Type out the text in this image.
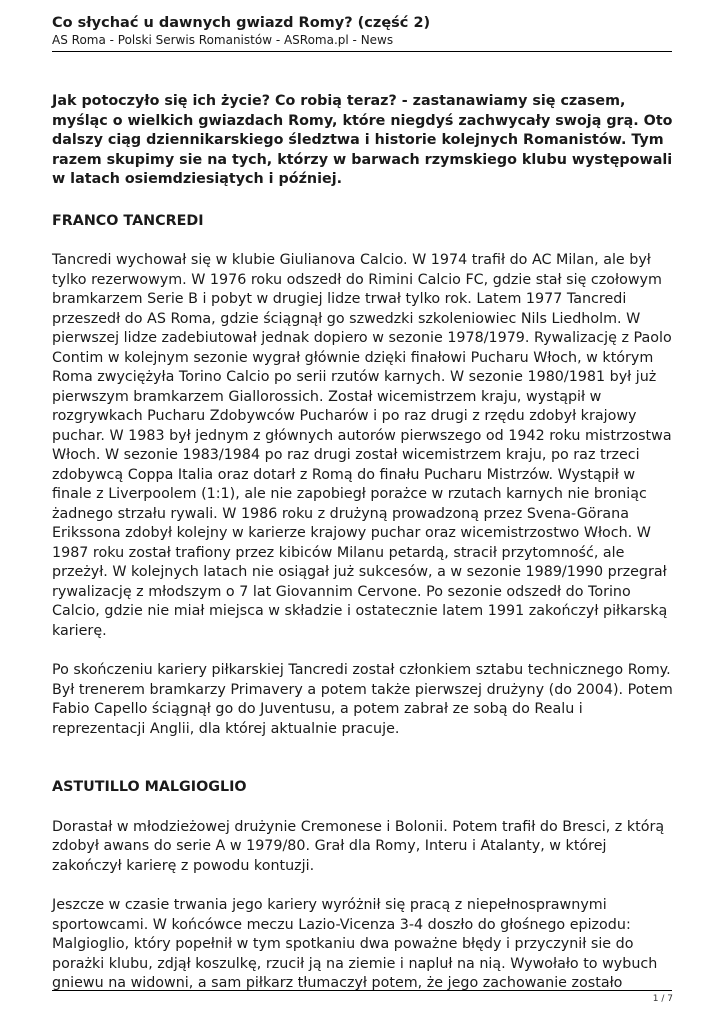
Co słychać u dawnych gwiazd Romy? (część 2)
AS Roma - Polski Serwis Romanistów - ASRoma.pl - News

Jak potoczyło się ich życie? Co robią teraz? - zastanawiamy się czasem, myśląc o wielkich gwiazdach Romy, które niegdyś zachwycały swoją grą. Oto dalszy ciąg dziennikarskiego śledztwa i historie kolejnych Romanistów. Tym razem skupimy sie na tych, którzy w barwach rzymskiego klubu występowali w latach osiemdziesiątych i później.

FRANCO TANCREDI

Tancredi wychował się w klubie Giulianova Calcio. W 1974 trafił do AC Milan, ale był tylko rezerwowym. W 1976 roku odszedł do Rimini Calcio FC, gdzie stał się czołowym bramkarzem Serie B i pobyt w drugiej lidze trwał tylko rok. Latem 1977 Tancredi przeszedł do AS Roma, gdzie ściągnął go szwedzki szkoleniowiec Nils Liedholm. W pierwszej lidze zadebiutował jednak dopiero w sezonie 1978/1979. Rywalizację z Paolo Contim w kolejnym sezonie wygrał głównie dzięki finałowi Pucharu Włoch, w którym Roma zwyciężyła Torino Calcio po serii rzutów karnych. W sezonie 1980/1981 był już pierwszym bramkarzem Giallorossich. Został wicemistrzem kraju, wystąpił w rozgrywkach Pucharu Zdobywców Pucharów i po raz drugi z rzędu zdobył krajowy puchar. W 1983 był jednym z głównych autorów pierwszego od 1942 roku mistrzostwa Włoch. W sezonie 1983/1984 po raz drugi został wicemistrzem kraju, po raz trzeci zdobywcą Coppa Italia oraz dotarł z Romą do finału Pucharu Mistrzów. Wystąpił w finale z Liverpoolem (1:1), ale nie zapobiegł porażce w rzutach karnych nie broniąc żadnego strzału rywali. W 1986 roku z drużyną prowadzoną przez Svena-Görana Erikssona zdobył kolejny w karierze krajowy puchar oraz wicemistrzostwo Włoch. W 1987 roku został trafiony przez kibiców Milanu petardą, stracił przytomność, ale przeżył. W kolejnych latach nie osiągał już sukcesów, a w sezonie 1989/1990 przegrał rywalizację z młodszym o 7 lat Giovannim Cervone. Po sezonie odszedł do Torino Calcio, gdzie nie miał miejsca w składzie i ostatecznie latem 1991 zakończył piłkarską karierę.

Po skończeniu kariery piłkarskiej Tancredi został członkiem sztabu technicznego Romy. Był trenerem bramkarzy Primavery a potem także pierwszej drużyny (do 2004). Potem Fabio Capello ściągnął go do Juventusu, a potem zabrał ze sobą do Realu i reprezentacji Anglii, dla której aktualnie pracuje.

ASTUTILLO MALGIOGLIO

Dorastał w młodzieżowej drużynie Cremonese i Bolonii. Potem trafił do Bresci, z którą zdobył awans do serie A w 1979/80. Grał dla Romy, Interu i Atalanty, w której zakończył karierę z powodu kontuzji.

Jeszcze w czasie trwania jego kariery wyróżnił się pracą z niepełnosprawnymi sportowcami. W końcówce meczu Lazio-Vicenza 3-4 doszło do głośnego epizodu: Malgioglio, który popełnił w tym spotkaniu dwa poważne błędy i przyczynił sie do porażki klubu, zdjął koszulkę, rzucił ją na ziemie i napluł na nią. Wywołało to wybuch gniewu na widowni, a sam piłkarz tłumaczył potem, że jego zachowanie zostało

1 / 7
